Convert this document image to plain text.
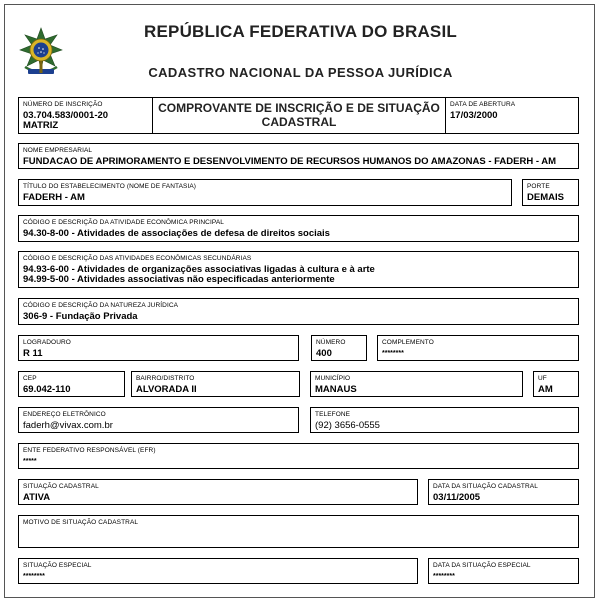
REPÚBLICA FEDERATIVA DO BRASIL
CADASTRO NACIONAL DA PESSOA JURÍDICA
NÚMERO DE INSCRIÇÃO
03.704.583/0001-20
MATRIZ
COMPROVANTE DE INSCRIÇÃO E DE SITUAÇÃO
CADASTRAL
DATA DE ABERTURA
17/03/2000
NOME EMPRESARIAL
FUNDACAO DE APRIMORAMENTO E DESENVOLVIMENTO DE RECURSOS HUMANOS DO AMAZONAS - FADERH - AM
TÍTULO DO ESTABELECIMENTO (NOME DE FANTASIA)
FADERH - AM
PORTE
DEMAIS
CÓDIGO E DESCRIÇÃO DA ATIVIDADE ECONÔMICA PRINCIPAL
94.30-8-00 - Atividades de associações de defesa de direitos sociais
CÓDIGO E DESCRIÇÃO DAS ATIVIDADES ECONÔMICAS SECUNDÁRIAS
94.93-6-00 - Atividades de organizações associativas ligadas à cultura e à arte
94.99-5-00 - Atividades associativas não especificadas anteriormente
CÓDIGO E DESCRIÇÃO DA NATUREZA JURÍDICA
306-9 - Fundação Privada
LOGRADOURO
R 11
NÚMERO
400
COMPLEMENTO
********
CEP
69.042-110
BAIRRO/DISTRITO
ALVORADA II
MUNICÍPIO
MANAUS
UF
AM
ENDEREÇO ELETRÔNICO
faderh@vivax.com.br
TELEFONE
(92) 3656-0555
ENTE FEDERATIVO RESPONSÁVEL (EFR)
*****
SITUAÇÃO CADASTRAL
ATIVA
DATA DA SITUAÇÃO CADASTRAL
03/11/2005
MOTIVO DE SITUAÇÃO CADASTRAL
SITUAÇÃO ESPECIAL
********
DATA DA SITUAÇÃO ESPECIAL
********
